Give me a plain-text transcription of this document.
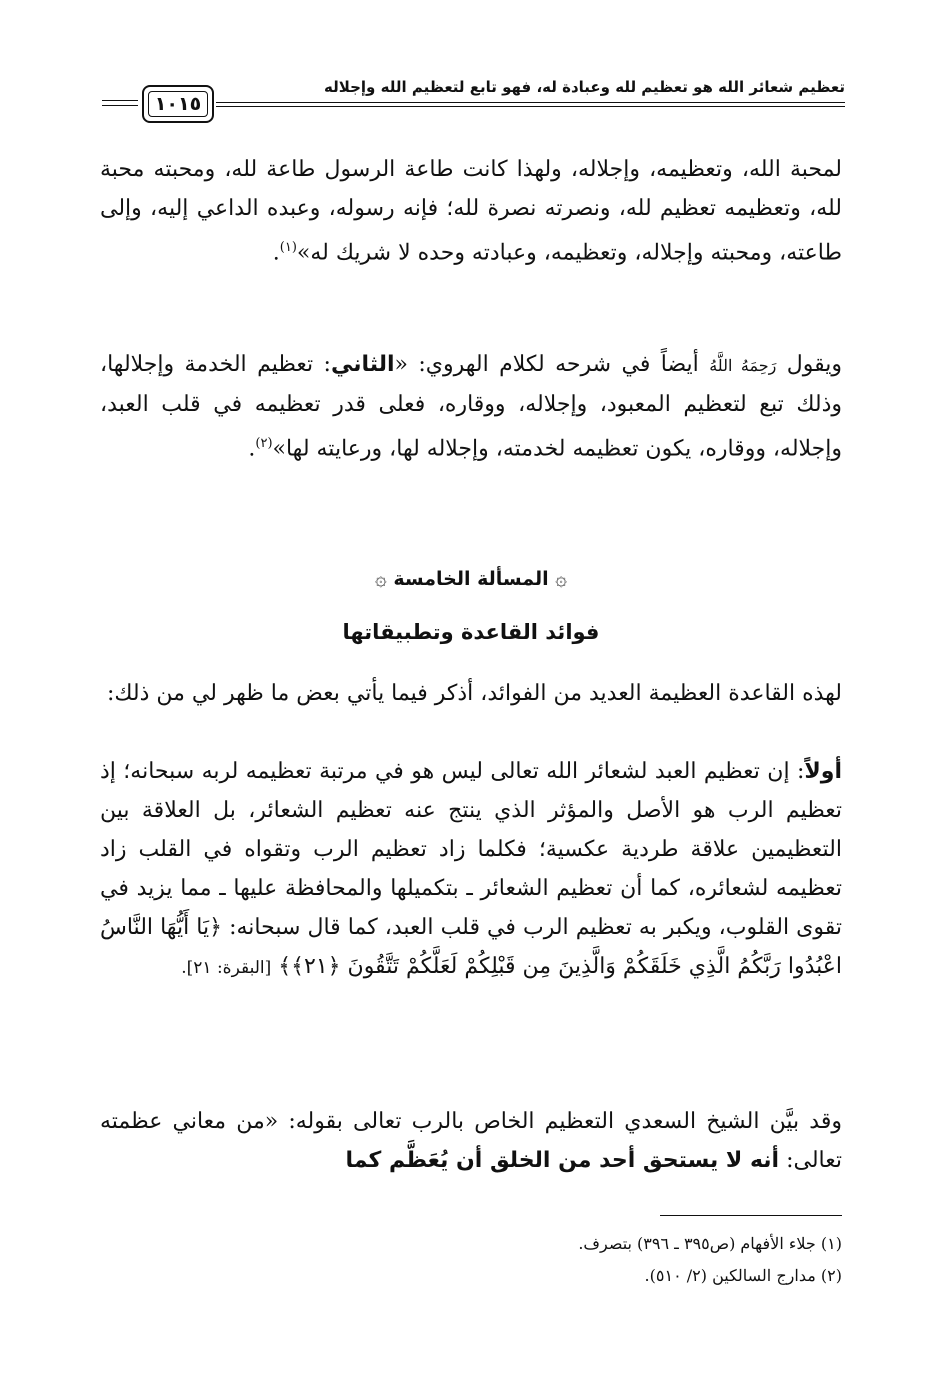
تعظيم شعائر الله هو تعظيم لله وعبادة له، فهو تابع لتعظيم الله وإجلاله
١٠١٥

لمحبة الله، وتعظيمه، وإجلاله، ولهذا كانت طاعة الرسول طاعة لله، ومحبته محبة لله، وتعظيمه تعظيم لله، ونصرته نصرة لله؛ فإنه رسوله، وعبده الداعي إليه، وإلى طاعته، ومحبته وإجلاله، وتعظيمه، وعبادته وحده لا شريك له»$^{(١)}$.

ويقول رَحِمَهُ اللَّهُ أيضاً في شرحه لكلام الهروي: «الثاني: تعظيم الخدمة وإجلالها، وذلك تبع لتعظيم المعبود، وإجلاله، ووقاره، فعلى قدر تعظيمه في قلب العبد، وإجلاله، ووقاره، يكون تعظيمه لخدمته، وإجلاله لها، ورعايته لها»$^{(٢)}$.

۞ المسألة الخامسة ۞
فوائد القاعدة وتطبيقاتها

لهذه القاعدة العظيمة العديد من الفوائد، أذكر فيما يأتي بعض ما ظهر لي من ذلك:

أولاً: إن تعظيم العبد لشعائر الله تعالى ليس هو في مرتبة تعظيمه لربه سبحانه؛ إذ تعظيم الرب هو الأصل والمؤثر الذي ينتج عنه تعظيم الشعائر، بل العلاقة بين التعظيمين علاقة طردية عكسية؛ فكلما زاد تعظيم الرب وتقواه في القلب زاد تعظيمه لشعائره، كما أن تعظيم الشعائر ـ بتكميلها والمحافظة عليها ـ مما يزيد في تقوى القلوب، ويكبر به تعظيم الرب في قلب العبد، كما قال سبحانه: ﴿يَا أَيُّهَا النَّاسُ اعْبُدُوا رَبَّكُمُ الَّذِي خَلَقَكُمْ وَالَّذِينَ مِن قَبْلِكُمْ لَعَلَّكُمْ تَتَّقُونَ ﴿٢١﴾﴾ [البقرة: ٢١].

وقد بيَّن الشيخ السعدي التعظيم الخاص بالرب تعالى بقوله: «من معاني عظمته تعالى: أنه لا يستحق أحد من الخلق أن يُعَظَّم كما

(١) جلاء الأفهام (ص٣٩٥ ـ ٣٩٦) بتصرف.
(٢) مدارج السالكين (٢/ ٥١٠).
